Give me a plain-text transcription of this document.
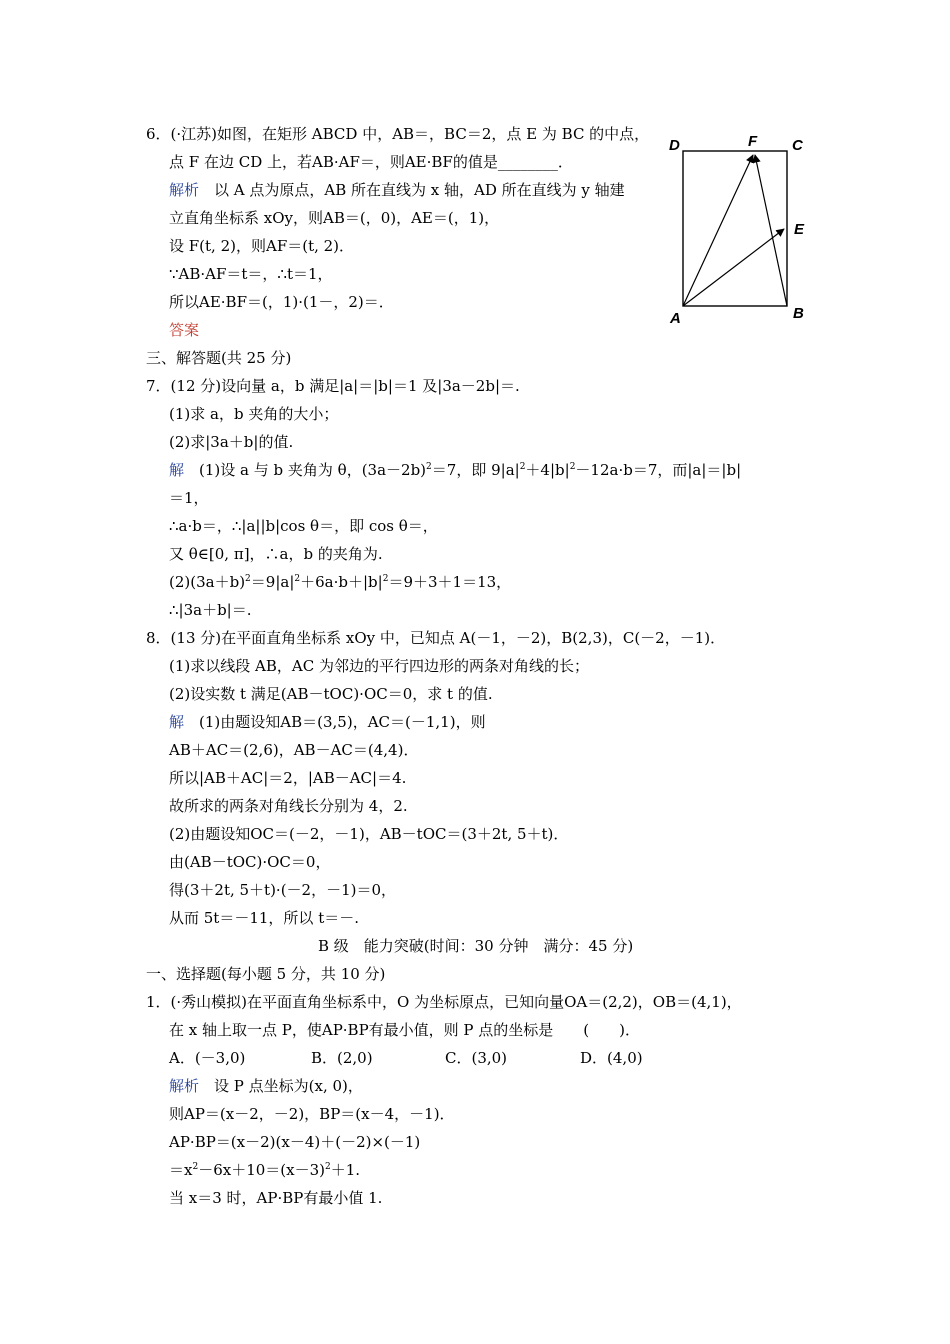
6．(·江苏)如图，在矩形 ABCD 中，AB＝，BC＝2，点 E 为 BC 的中点，
点 F 在边 CD 上，若AB·AF＝，则AE·BF的值是________．
解析　 以 A 点为原点，AB 所在直线为 x 轴，AD 所在直线为 y 轴建
立直角坐标系 xOy，则AB＝(，0)，AE＝(，1)，
设 F(t, 2)，则AF＝(t, 2)．
∵AB·AF＝t＝，∴t＝1，
所以AE·BF＝(，1)·(1－，2)＝．
答案
D	F C
E
A	B
三、解答题(共 25 分)
7．(12 分)设向量 a，b 满足|a|＝|b|＝1 及|3a－2b|＝.
(1)求 a，b 夹角的大小；
(2)求|3a＋b|的值.
解　 (1)设 a 与 b 夹角为 θ，$(3a-2b)^2=7$，即 $9|a|^2+4|b|^2-12a\cdot b=7$，而|a|＝|b|
＝1，
∴a·b＝，∴|a||b|cos θ＝，即 cos θ＝，
又 θ∈[0, π]，∴a，b 的夹角为.
$(2)(3a+b)^2=9|a|^2+6a\cdot b+|b|^2=9+3+1=13$，
∴|3a＋b|＝.
8．(13 分)在平面直角坐标系 xOy 中，已知点 A(－1，－2)，B(2,3)，C(－2，－1)．
(1)求以线段 AB，AC 为邻边的平行四边形的两条对角线的长；
(2)设实数 t 满足(AB－tOC)·OC＝0，求 t 的值.
解　 (1)由题设知AB＝(3,5)，AC＝(－1,1)，则
AB＋AC＝(2,6)，AB－AC＝(4,4)．
所以|AB＋AC|＝2，|AB－AC|＝4.
故所求的两条对角线长分别为 4，2.
(2)由题设知OC＝(－2，－1)，AB－tOC＝(3＋2t, 5＋t)．
由(AB－tOC)·OC＝0，
得(3＋2t, 5＋t)·(－2，－1)＝0，
从而 5t＝－11，所以 t＝－.
B 级　能力突破(时间：30 分钟　满分：45 分)
一、选择题(每小题 5 分，共 10 分)
1．(·秀山模拟)在平面直角坐标系中，O 为坐标原点，已知向量OA＝(2,2)，OB＝(4,1)，
在 x 轴上取一点 P，使AP·BP有最小值，则 P 点的坐标是　　(　　)．
A．(－3,0)	B．(2,0)	C．(3,0)	D．(4,0)
解析　 设 P 点坐标为(x, 0)，
则AP＝(x－2，－2)，BP＝(x－4，－1)．
AP·BP＝(x－2)(x－4)＋(－2)×(－1)
$=x^2-6x+10=(x-3)^2+1$.
当 x＝3 时，AP·BP有最小值 1.
